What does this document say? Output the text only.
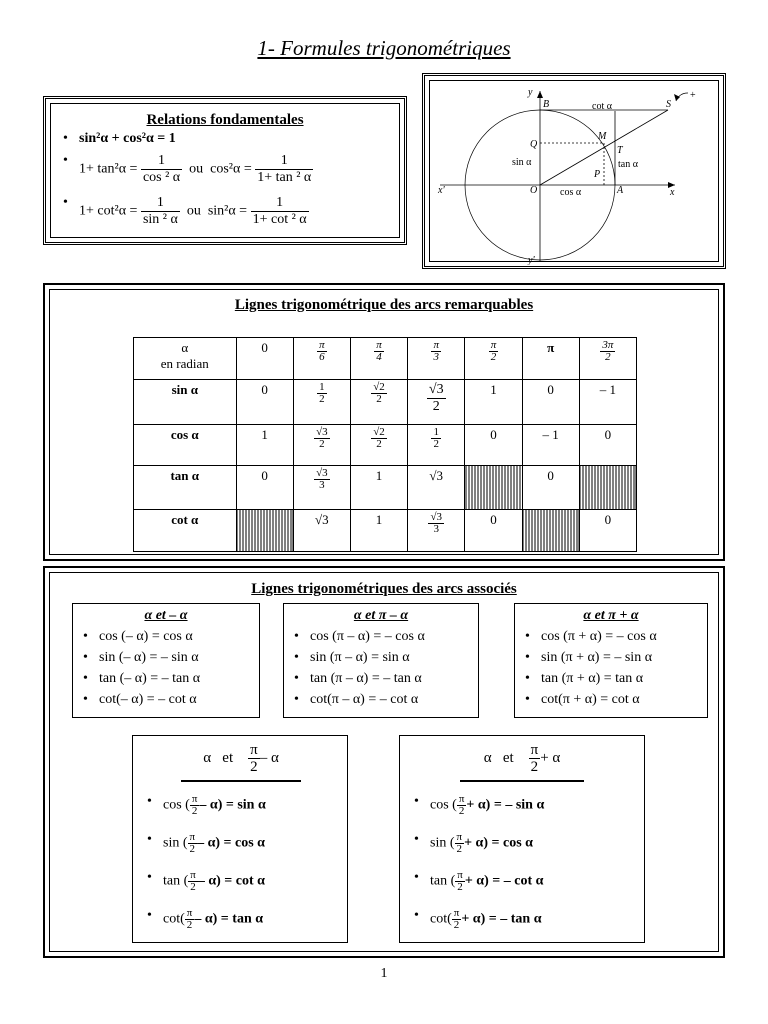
1- Formules trigonométriques
Relations fondamentales
• sin²α + cos²α = 1
• $1+ \tan^2\alpha = \frac{1}{\text{cos ² α}}$ ou $\cos^2\alpha = \frac{1}{\text{1+ tan ² α}}$
• $1+ \cot^2\alpha = \frac{1}{\text{sin ² α}}$ ou $\sin^2\alpha = \frac{1}{\text{1+ cot ² α}}$
y
y'
x
x'
B	S
Q
M
T
O
P
A
cot α
sin α	tan α
cos α
+
Lignes trigonométrique des arcs remarquables
α
en radian	0	$\frac{\pi}{6}$	$\frac{\pi}{4}$	$\frac{\pi}{3}$	$\frac{\pi}{2}$	π	$\frac{3\pi}{2}$

sin α	0	$\frac{1}{2}$	$\frac{√2}{2}$	$\frac{√3}{2}$	1	0	– 1
cos α	1	$\frac{√3}{2}$	$\frac{√2}{2}$	$\frac{1}{2}$	0	– 1	0
tan α	0	$\frac{√3}{3}$	1	√3		0	
cot α		√3	1	$\frac{√3}{3}$	0		0
Lignes trigonométriques des arcs associés
α et – α
• cos (– α) = cos α
• sin (– α) = – sin α
• tan (– α) = – tan α
• cot(– α) = – cot α
α et π – α
• cos (π – α) = – cos α
• sin (π – α) = sin α
• tan (π – α) = – tan α
• cot(π – α) = – cot α
α et π + α
• cos (π + α) = – cos α
• sin (π + α) = – sin α
• tan (π + α) = tan α
• cot(π + α) = cot α
α et $\frac{\pi}{2}$ – α
• cos ( $\frac{\pi}{2} - \alpha) = \sin \alpha$
• sin ( $\frac{\pi}{2} - \alpha) = \cos \alpha$
• tan ( $\frac{\pi}{2} - \alpha) = \cot \alpha$
• $\cot( \frac{\pi}{2} - \alpha) = \tan \alpha$
α et $\frac{\pi}{2} + \alpha$
• cos ( $\frac{\pi}{2} + \alpha$) = – sin α
• sin ( $\frac{\pi}{2} + \alpha) = \cos \alpha$
• tan ( $\frac{\pi}{2} + \alpha$) = – cot α
• $\cot( \frac{\pi}{2} + \alpha)$ = – tan α
1
